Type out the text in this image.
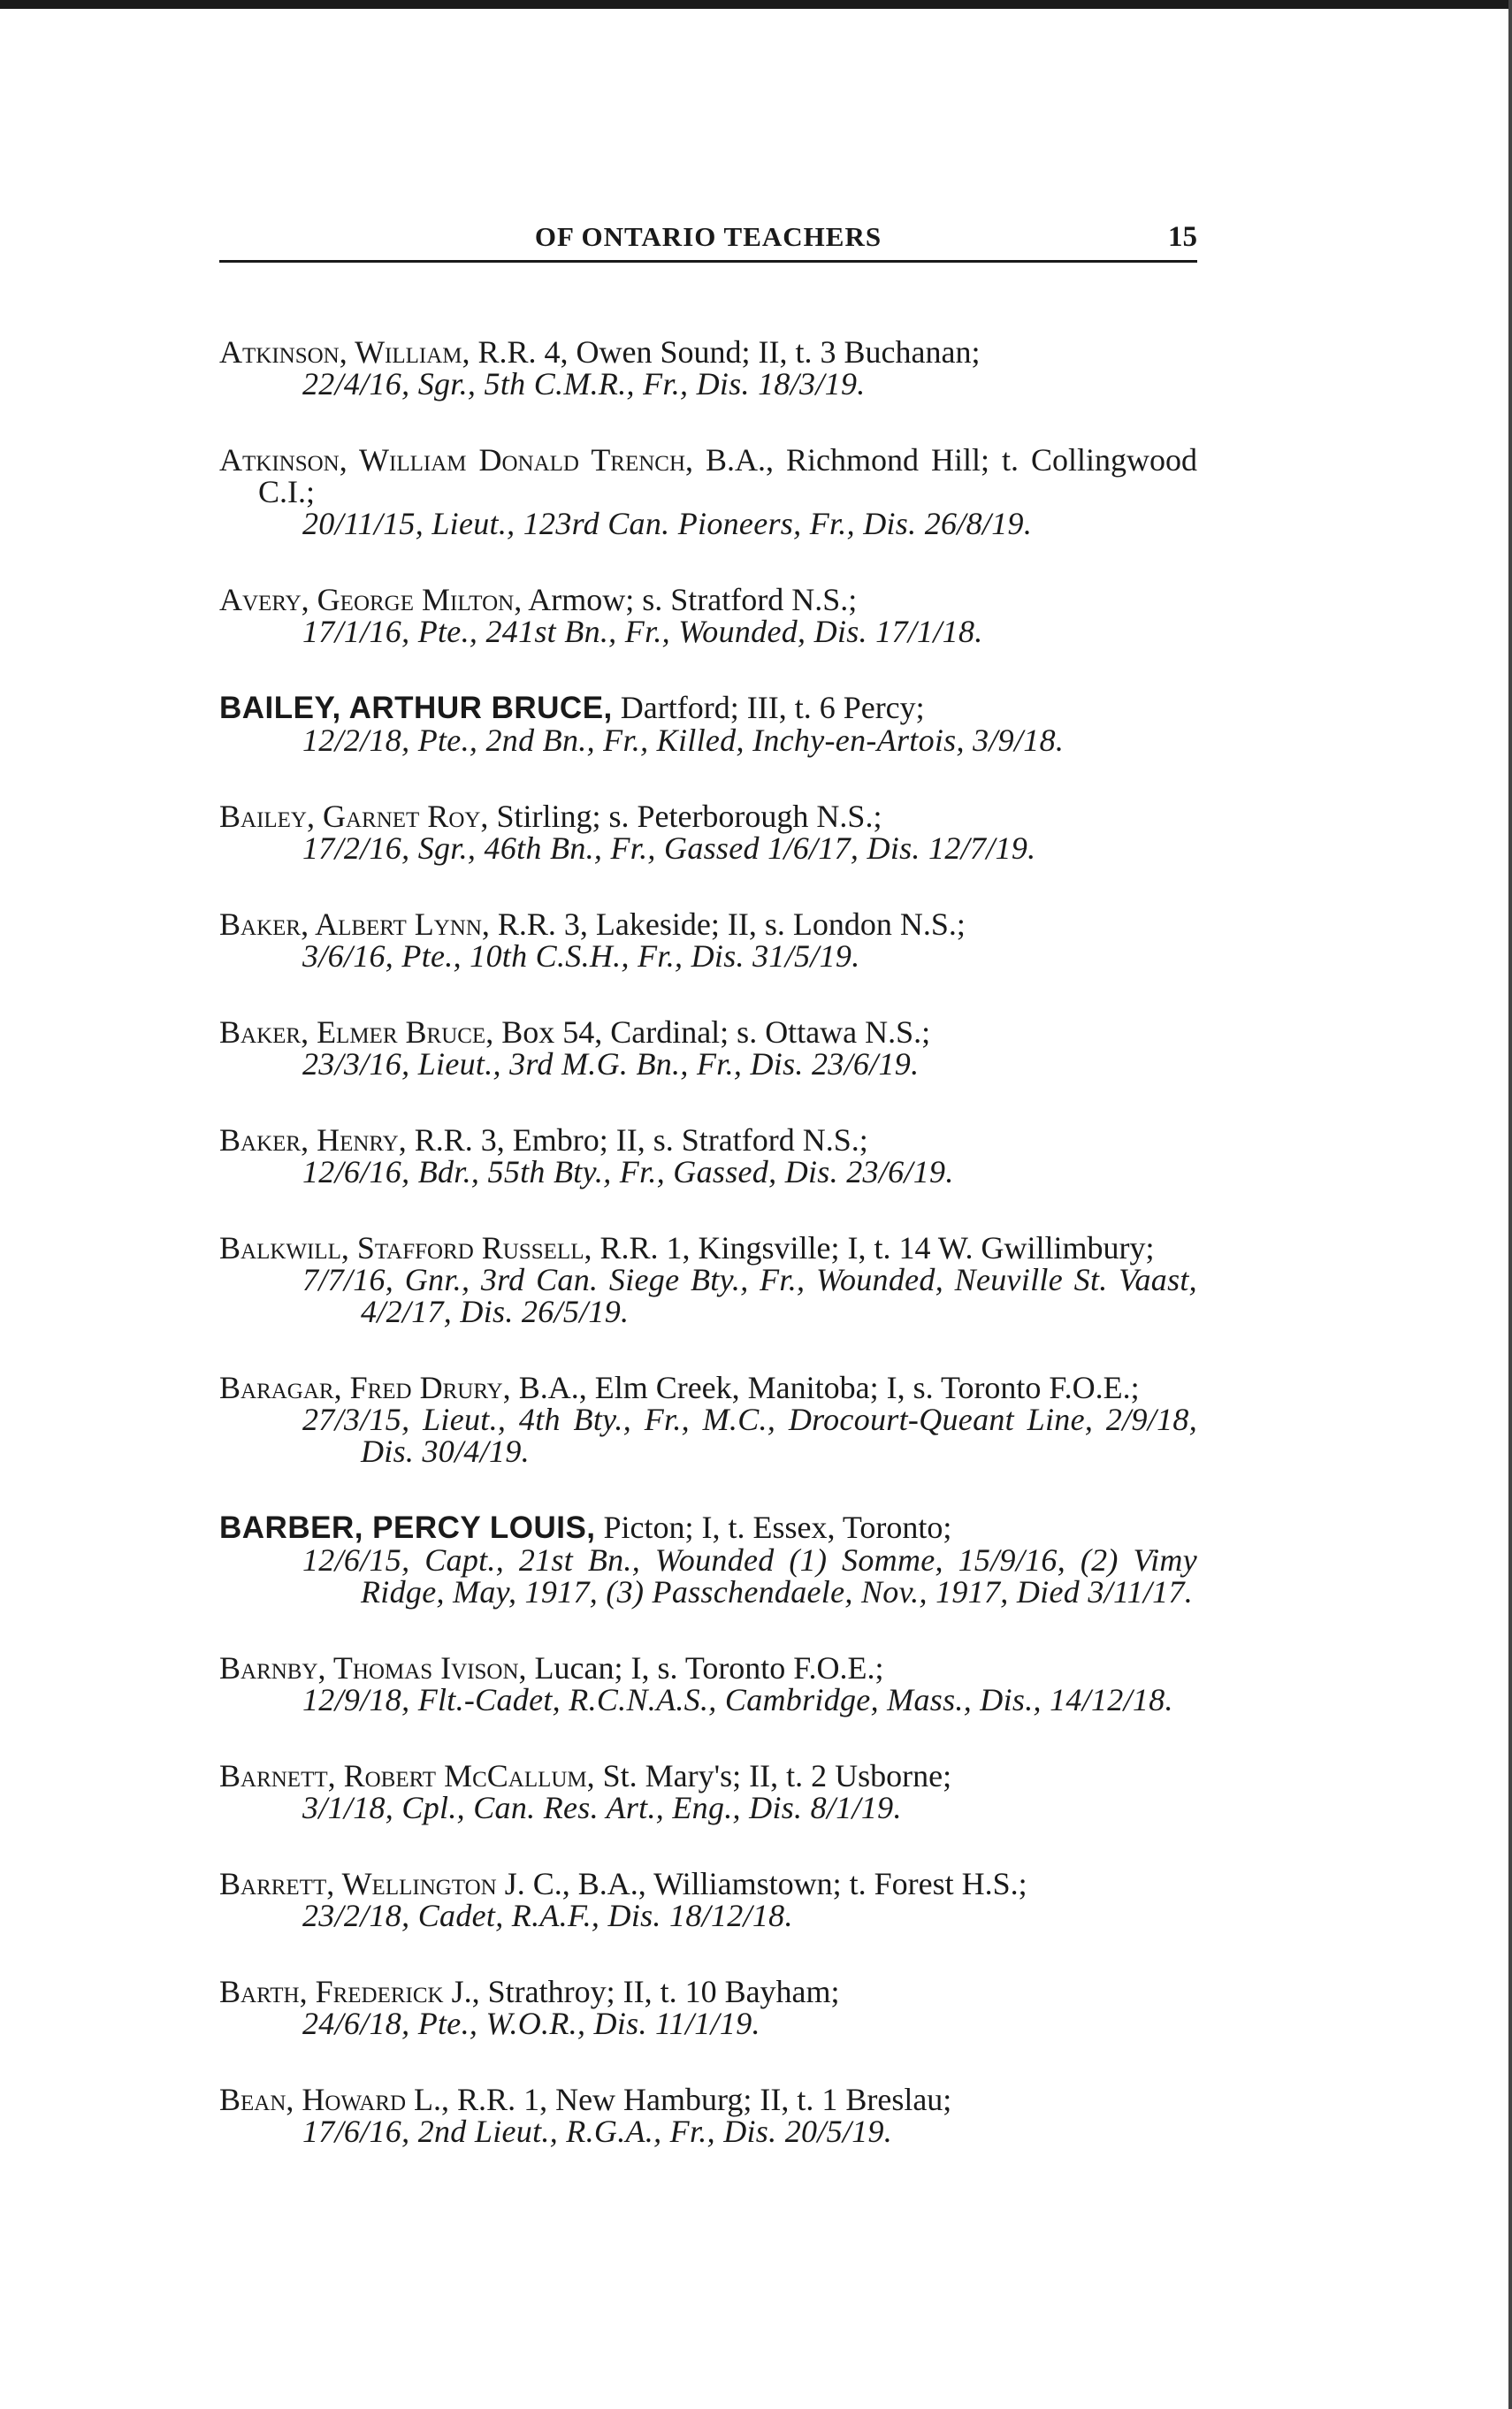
OF ONTARIO TEACHERS	15

Atkinson, William, R.R. 4, Owen Sound; II, t. 3 Buchanan;

22/4/16, Sgr., 5th C.M.R., Fr., Dis. 18/3/19.

Atkinson, William Donald Trench, B.A., Richmond Hill; t. Collingwood C.I.;

20/11/15, Lieut., 123rd Can. Pioneers, Fr., Dis. 26/8/19.

Avery, George Milton, Armow; s. Stratford N.S.;

17/1/16, Pte., 241st Bn., Fr., Wounded, Dis. 17/1/18.

BAILEY, ARTHUR BRUCE, Dartford; III, t. 6 Percy;

12/2/18, Pte., 2nd Bn., Fr., Killed, Inchy-en-Artois, 3/9/18.

Bailey, Garnet Roy, Stirling; s. Peterborough N.S.;

17/2/16, Sgr., 46th Bn., Fr., Gassed 1/6/17, Dis. 12/7/19.

Baker, Albert Lynn, R.R. 3, Lakeside; II, s. London N.S.;

3/6/16, Pte., 10th C.S.H., Fr., Dis. 31/5/19.

Baker, Elmer Bruce, Box 54, Cardinal; s. Ottawa N.S.;

23/3/16, Lieut., 3rd M.G. Bn., Fr., Dis. 23/6/19.

Baker, Henry, R.R. 3, Embro; II, s. Stratford N.S.;

12/6/16, Bdr., 55th Bty., Fr., Gassed, Dis. 23/6/19.

Balkwill, Stafford Russell, R.R. 1, Kingsville; I, t. 14 W. Gwillimbury;

7/7/16, Gnr., 3rd Can. Siege Bty., Fr., Wounded, Neuville St. Vaast, 4/2/17, Dis. 26/5/19.

Baragar, Fred Drury, B.A., Elm Creek, Manitoba; I, s. Toronto F.O.E.;

27/3/15, Lieut., 4th Bty., Fr., M.C., Drocourt-Queant Line, 2/9/18, Dis. 30/4/19.

BARBER, PERCY LOUIS, Picton; I, t. Essex, Toronto;

12/6/15, Capt., 21st Bn., Wounded (1) Somme, 15/9/16, (2) Vimy Ridge, May, 1917, (3) Passchendaele, Nov., 1917, Died 3/11/17.

Barnby, Thomas Ivison, Lucan; I, s. Toronto F.O.E.;

12/9/18, Flt.-Cadet, R.C.N.A.S., Cambridge, Mass., Dis., 14/12/18.

Barnett, Robert McCallum, St. Mary's; II, t. 2 Usborne;

3/1/18, Cpl., Can. Res. Art., Eng., Dis. 8/1/19.

Barrett, Wellington J. C., B.A., Williamstown; t. Forest H.S.;

23/2/18, Cadet, R.A.F., Dis. 18/12/18.

Barth, Frederick J., Strathroy; II, t. 10 Bayham;

24/6/18, Pte., W.O.R., Dis. 11/1/19.

Bean, Howard L., R.R. 1, New Hamburg; II, t. 1 Breslau;

17/6/16, 2nd Lieut., R.G.A., Fr., Dis. 20/5/19.
